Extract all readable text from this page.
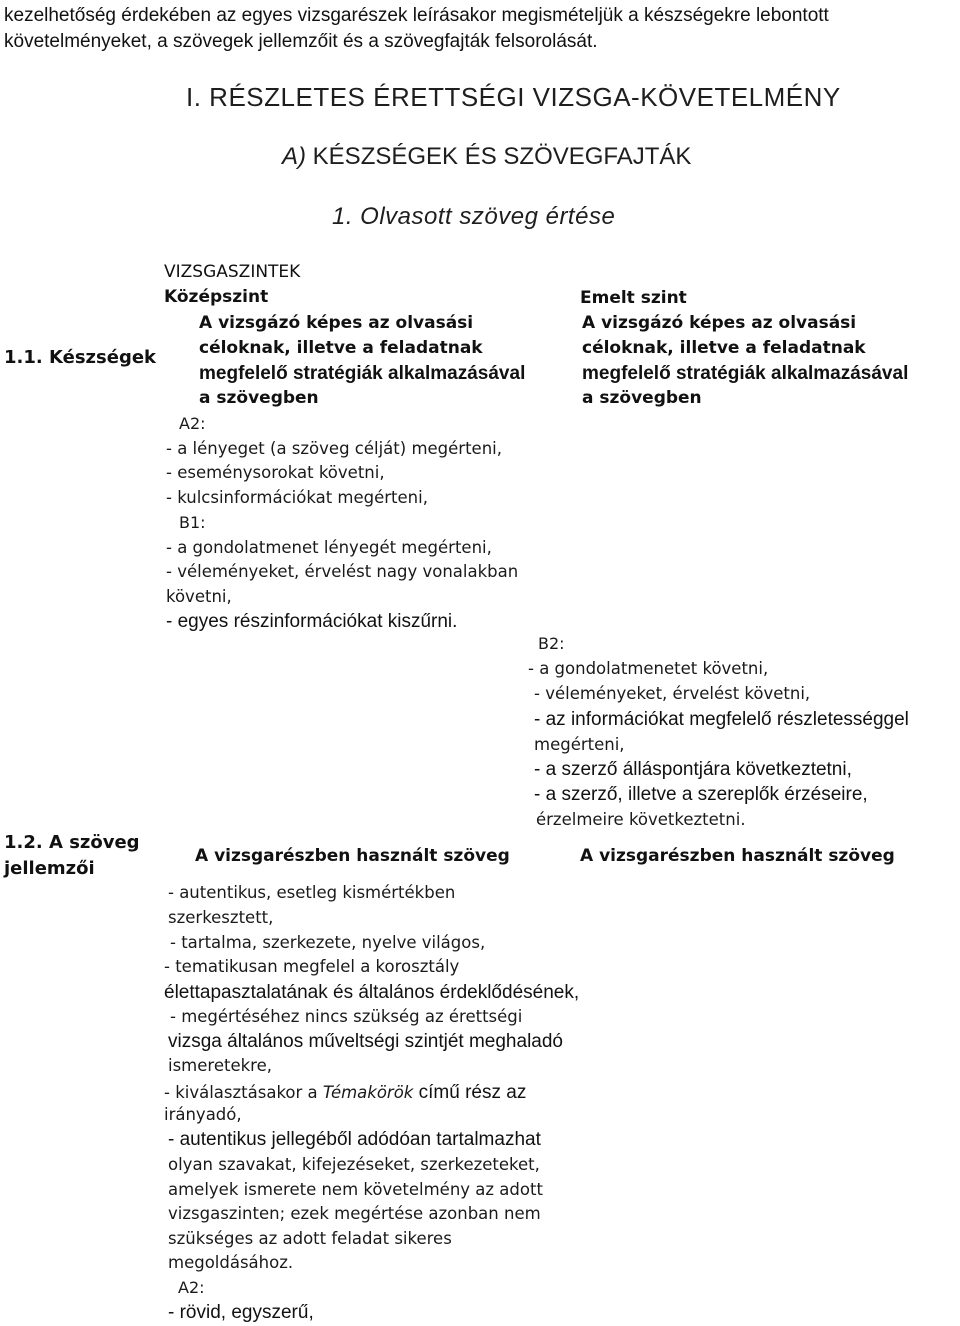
kezelhetőség érdekében az egyes vizsgarészek leírásakor megismételjük a készségekre lebontott
követelményeket, a szövegek jellemzőit és a szövegfajták felsorolását.
I. RÉSZLETES ÉRETTSÉGI VIZSGA-KÖVETELMÉNY
A) KÉSZSÉGEK ÉS SZÖVEGFAJTÁK
1. Olvasott szöveg értése
1.1. Készségek
1.2. A szöveg
jellemzői
VIZSGASZINTEK
Középszint	Emelt szint
A vizsgázó képes az olvasási
céloknak, illetve a feladatnak
megfelelő stratégiák alkalmazásával
a szövegben
A vizsgázó képes az olvasási
céloknak, illetve a feladatnak
megfelelő stratégiák alkalmazásával
a szövegben
A2:
- a lényeget (a szöveg célját) megérteni,
- eseménysorokat követni,
- kulcsinformációkat megérteni,
B1:
- a gondolatmenet lényegét megérteni,
- véleményeket, érvelést nagy vonalakban
követni,
- egyes részinformációkat kiszűrni.
B2:
- a gondolatmenetet követni,
- véleményeket, érvelést követni,
- az információkat megfelelő részletességgel
megérteni,
- a szerző álláspontjára következtetni,
- a szerző, illetve a szereplők érzéseire,
érzelmeire következtetni.
A vizsgarészben használt szöveg	A vizsgarészben használt szöveg
- autentikus, esetleg kismértékben
szerkesztett,
- tartalma, szerkezete, nyelve világos,
- tematikusan megfelel a korosztály
élettapasztalatának és általános érdeklődésének,
- megértéséhez nincs szükség az érettségi
vizsga általános műveltségi szintjét meghaladó
ismeretekre,
- kiválasztásakor a Témakörök című rész az
irányadó,
- autentikus jellegéből adódóan tartalmazhat
olyan szavakat, kifejezéseket, szerkezeteket,
amelyek ismerete nem követelmény az adott
vizsgaszinten; ezek megértése azonban nem
szükséges az adott feladat sikeres
megoldásához.
A2:
- rövid, egyszerű,
